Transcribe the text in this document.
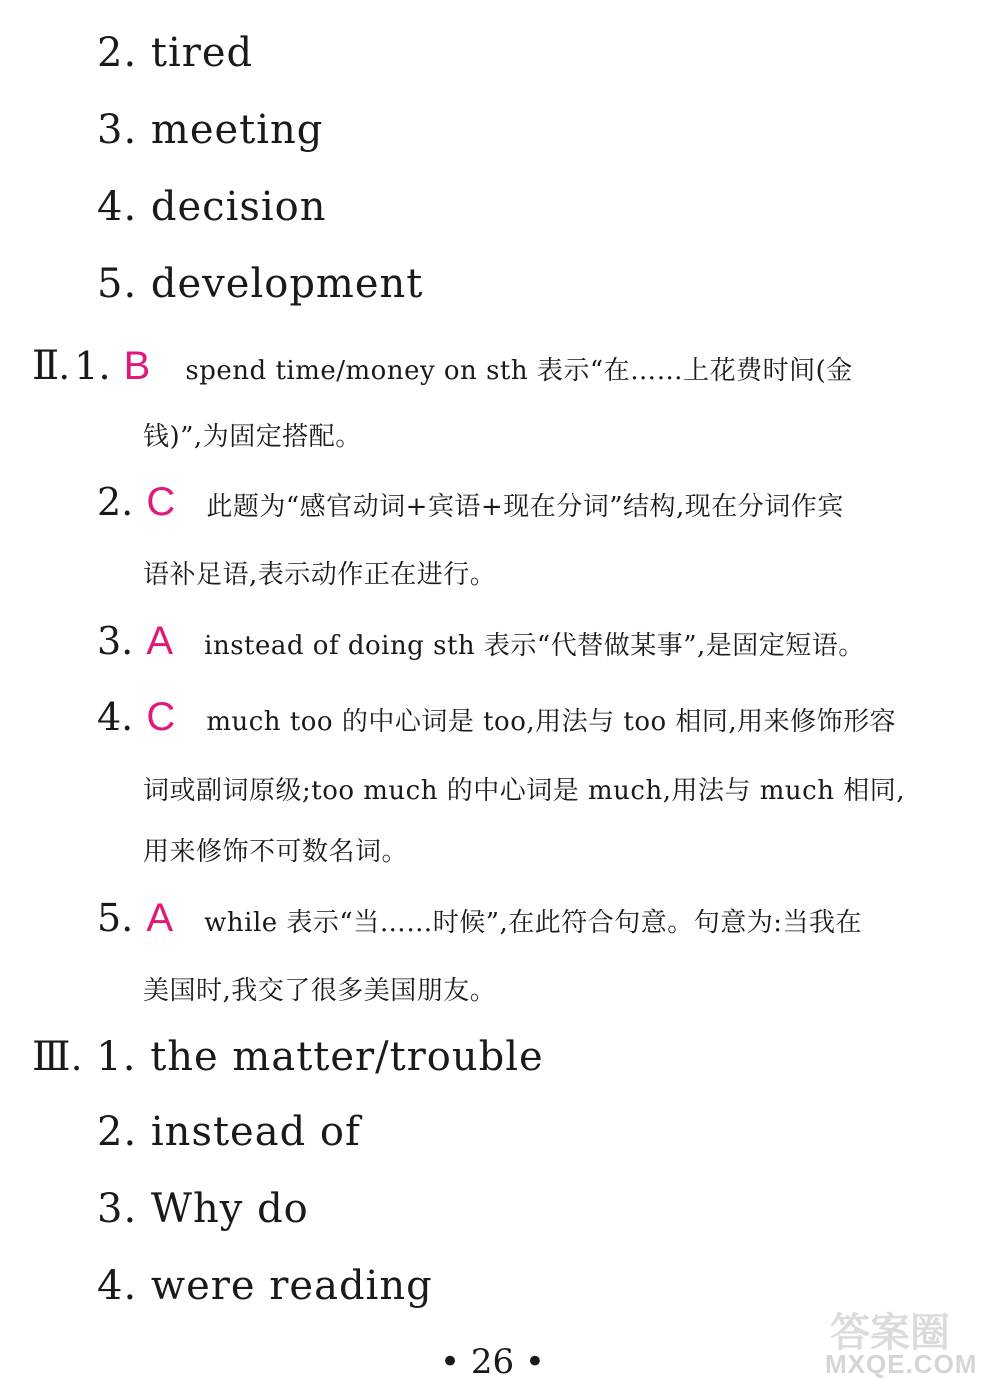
2. tired
3. meeting
4. decision
5. development
Ⅱ. 1. B spend time/money on sth 表示“在……上花费时间(金
钱)”,为固定搭配。
2. C 此题为“感官动词+宾语+现在分词”结构,现在分词作宾
语补足语,表示动作正在进行。
3. A instead of doing sth 表示“代替做某事”,是固定短语。
4. C much too 的中心词是 too,用法与 too 相同,用来修饰形容
词或副词原级;too much 的中心词是 much,用法与 much 相同,
用来修饰不可数名词。
5. A while 表示“当……时候”,在此符合句意。句意为:当我在
美国时,我交了很多美国朋友。
Ⅲ. 1. the matter/trouble
2. instead of
3. Why do
4. were reading
• 26 •
答案圈
MXQE.COM
